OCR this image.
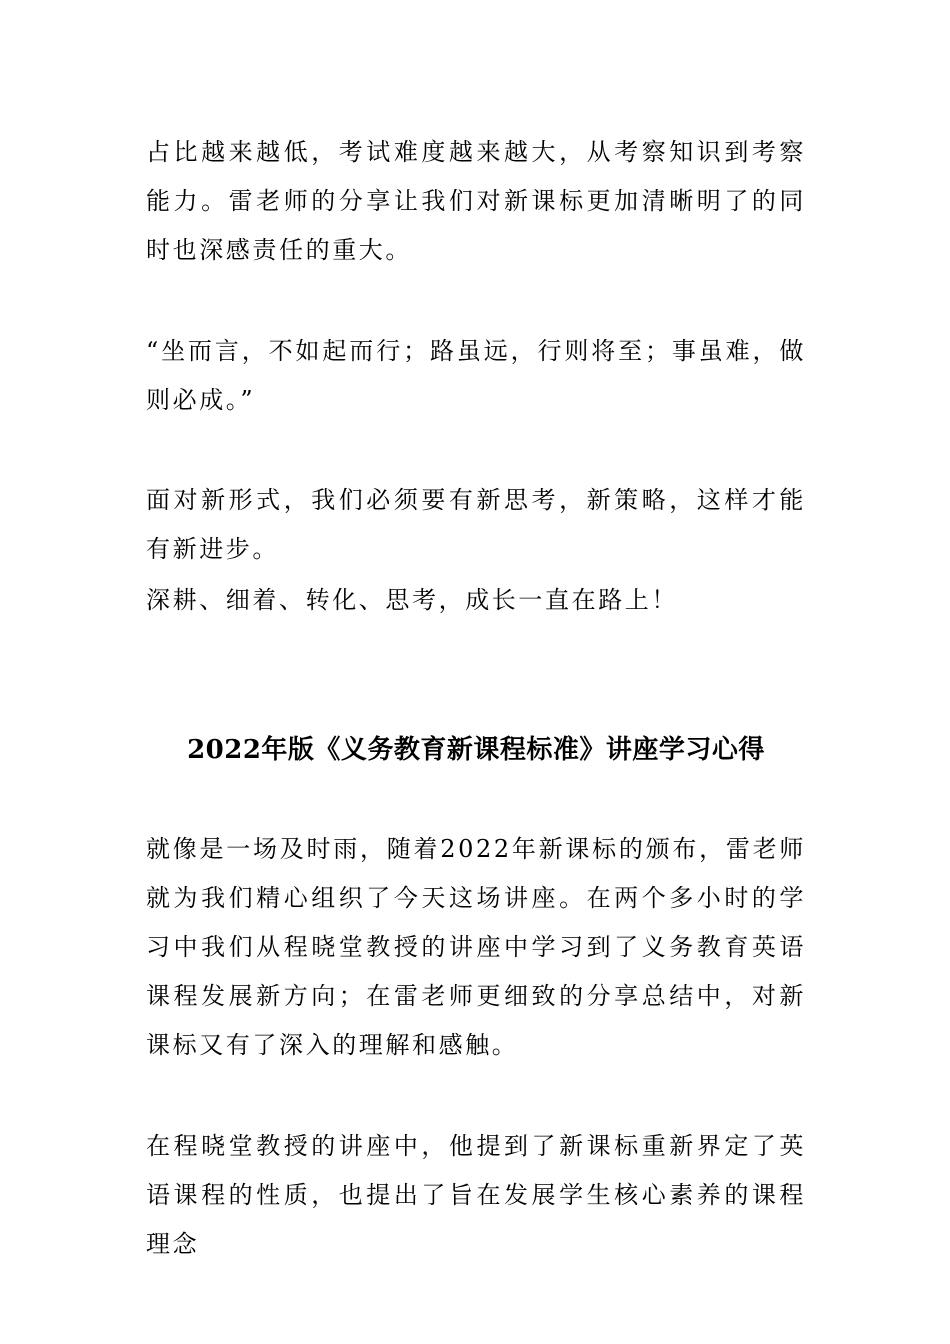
占比越来越低，考试难度越来越大，从考察知识到考察能力。雷老师的分享让我们对新课标更加清晰明了的同时也深感责任的重大。

“坐而言，不如起而行；路虽远，行则将至；事虽难，做则必成。”

面对新形式，我们必须要有新思考，新策略，这样才能有新进步。

深耕、细着、转化、思考，成长一直在路上！

2022年版《义务教育新课程标准》讲座学习心得

就像是一场及时雨，随着2022年新课标的颁布，雷老师就为我们精心组织了今天这场讲座。在两个多小时的学习中我们从程晓堂教授的讲座中学习到了义务教育英语课程发展新方向；在雷老师更细致的分享总结中，对新课标又有了深入的理解和感触。

在程晓堂教授的讲座中，他提到了新课标重新界定了英语课程的性质，也提出了旨在发展学生核心素养的课程理念
